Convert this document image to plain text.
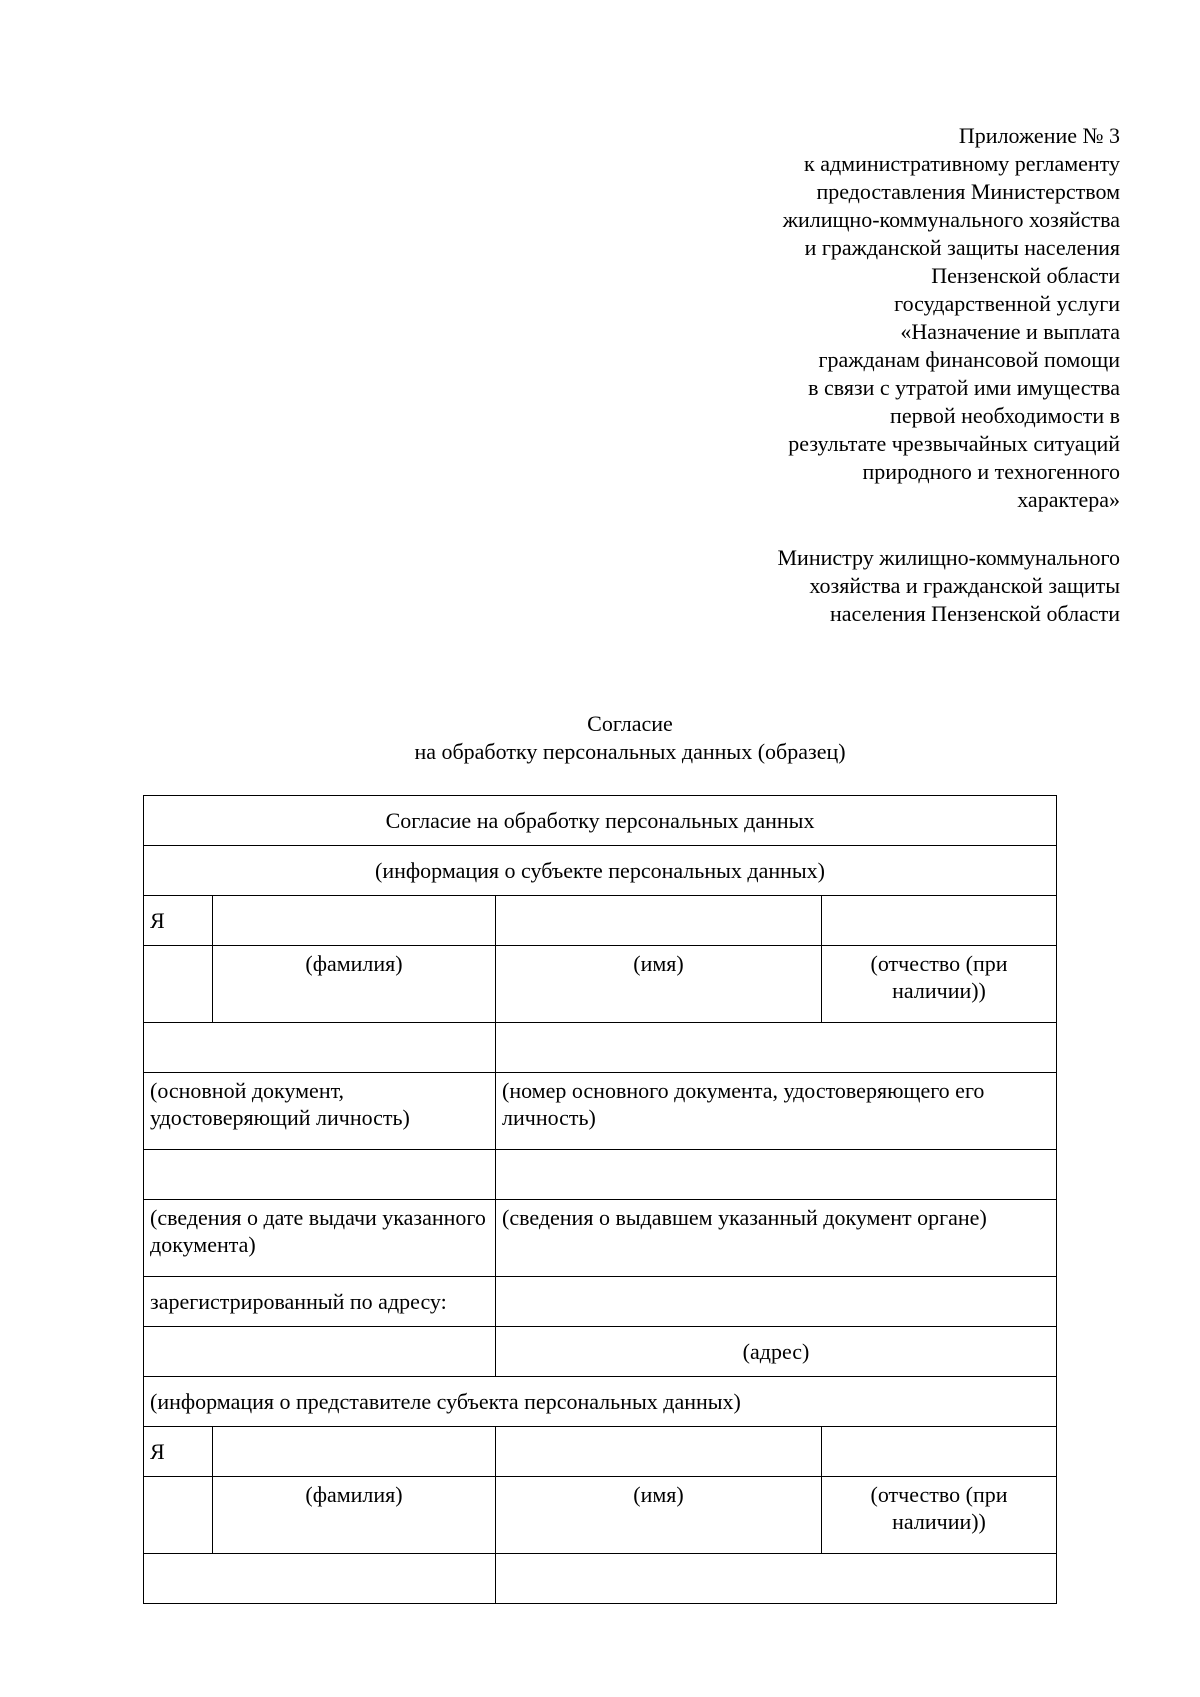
Приложение № 3
к административному регламенту
предоставления Министерством
жилищно-коммунального хозяйства
и гражданской защиты населения
Пензенской области
государственной услуги
«Назначение и выплата
гражданам финансовой помощи
в связи с утратой ими имущества
первой необходимости в
результате чрезвычайных ситуаций
природного и техногенного
характера»
Министру жилищно-коммунального
хозяйства и гражданской защиты
населения Пензенской области
Согласие
на обработку персональных данных (образец)
Согласие на обработку персональных данных			
(информация о субъекте персональных данных)			
Я			
	(фамилия)	(имя)	(отчество (при наличии))

(основной документ, удостоверяющий личность)		(номер основного документа, удостоверяющего его личность)	

(сведения о дате выдачи указанного документа)		(сведения о выдавшем указанный документ органе)	
зарегистрированный по адресу:			
		(адрес)	
(информация о представителе субъекта персональных данных)			
Я			
	(фамилия)	(имя)	(отчество (при наличии))
